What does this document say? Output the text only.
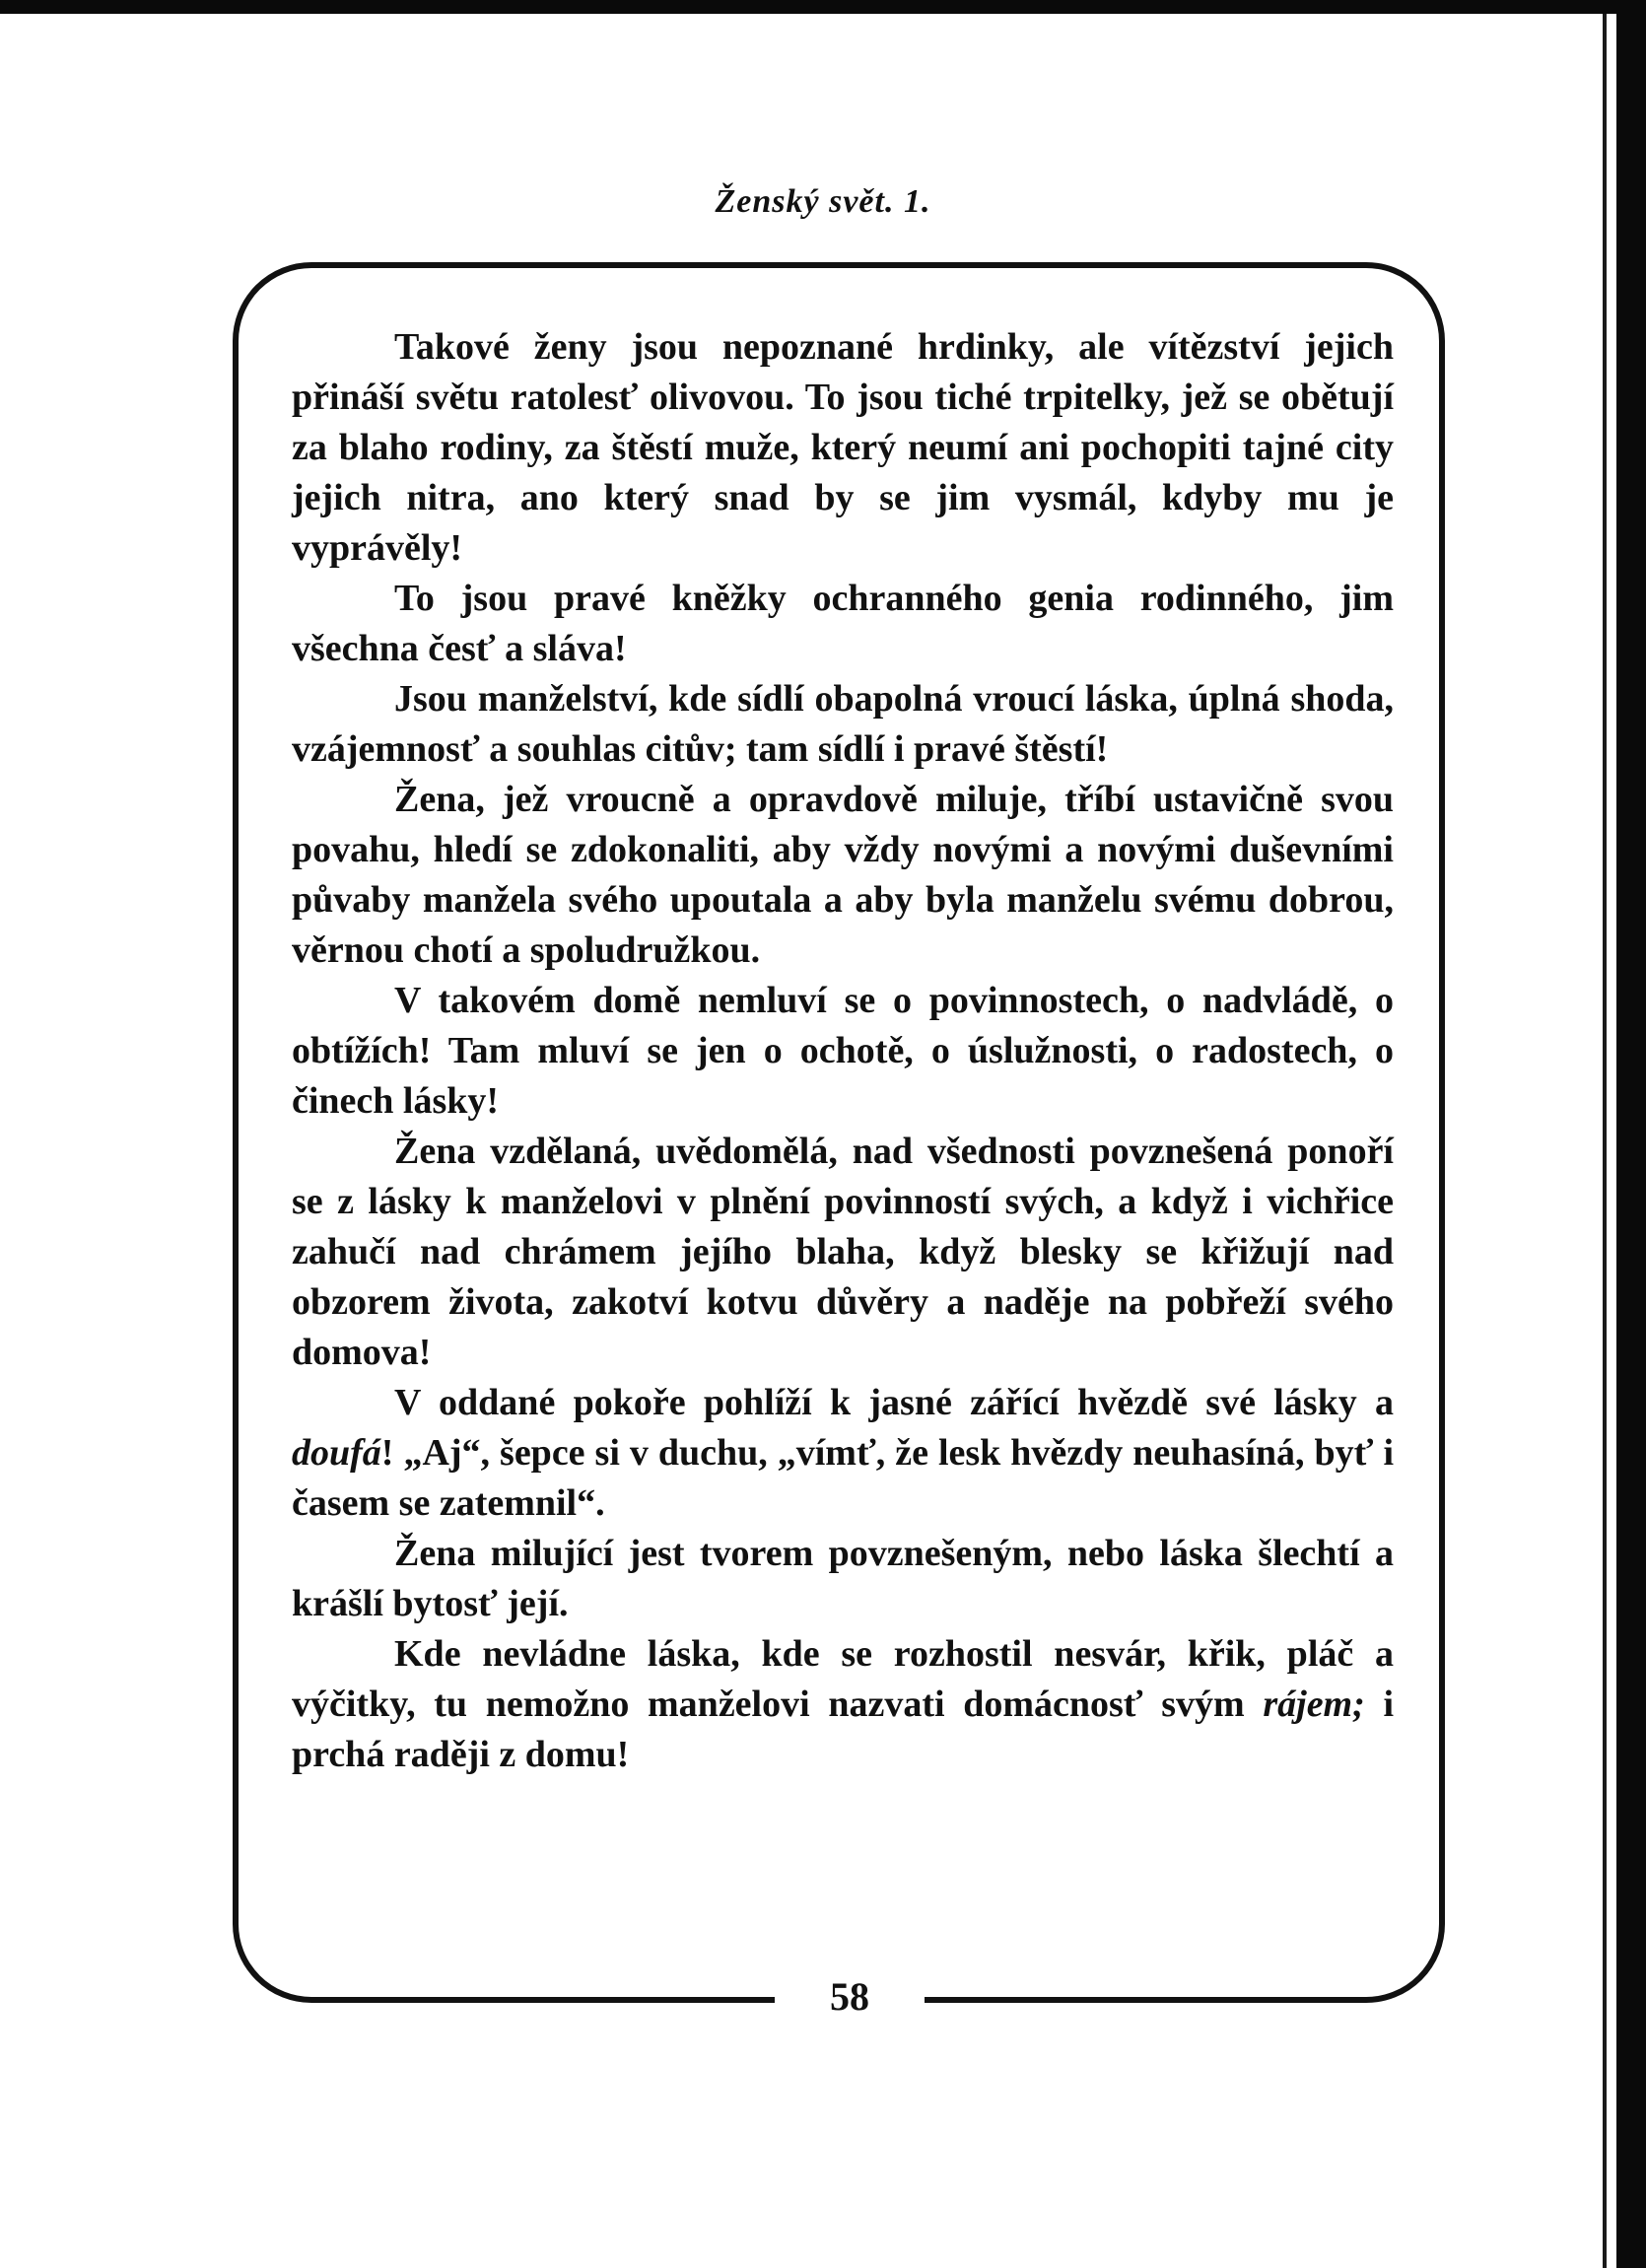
Ženský svět. 1.
58

Takové ženy jsou nepoznané hrdinky, ale vítězství jejich přináší světu ratolesť olivovou. To jsou tiché trpitelky, jež se obětují za blaho rodiny, za štěstí muže, který neumí ani pochopiti tajné city jejich nitra, ano který snad by se jim vysmál, kdyby mu je vyprávěly!

To jsou pravé kněžky ochranného genia rodinného, jim všechna česť a sláva!

Jsou manželství, kde sídlí obapolná vroucí láska, úplná shoda, vzájemnosť a souhlas citův; tam sídlí i pravé štěstí!

Žena, jež vroucně a opravdově miluje, tříbí ustavičně svou povahu, hledí se zdokonaliti, aby vždy novými a novými duševními půvaby manžela svého upoutala a aby byla manželu svému dobrou, věrnou chotí a spoludružkou.

V takovém domě nemluví se o povinnostech, o nadvládě, o obtížích! Tam mluví se jen o ochotě, o úslužnosti, o radostech, o činech lásky!

Žena vzdělaná, uvědomělá, nad všednosti povznešená ponoří se z lásky k manželovi v plnění povinností svých, a když i vichřice zahučí nad chrámem jejího blaha, když blesky se křižují nad obzorem života, zakotví kotvu důvěry a naděje na pobřeží svého domova!

V oddané pokoře pohlíží k jasné zářící hvězdě své lásky a doufá! „Aj“, šepce si v duchu, „vímť, že lesk hvězdy neuhasíná, byť i časem se zatemnil“.

Žena milující jest tvorem povznešeným, nebo láska šlechtí a krášlí bytosť její.

Kde nevládne láska, kde se rozhostil nesvár, křik, pláč a výčitky, tu nemožno manželovi nazvati domácnosť svým rájem; i prchá raději z domu!
